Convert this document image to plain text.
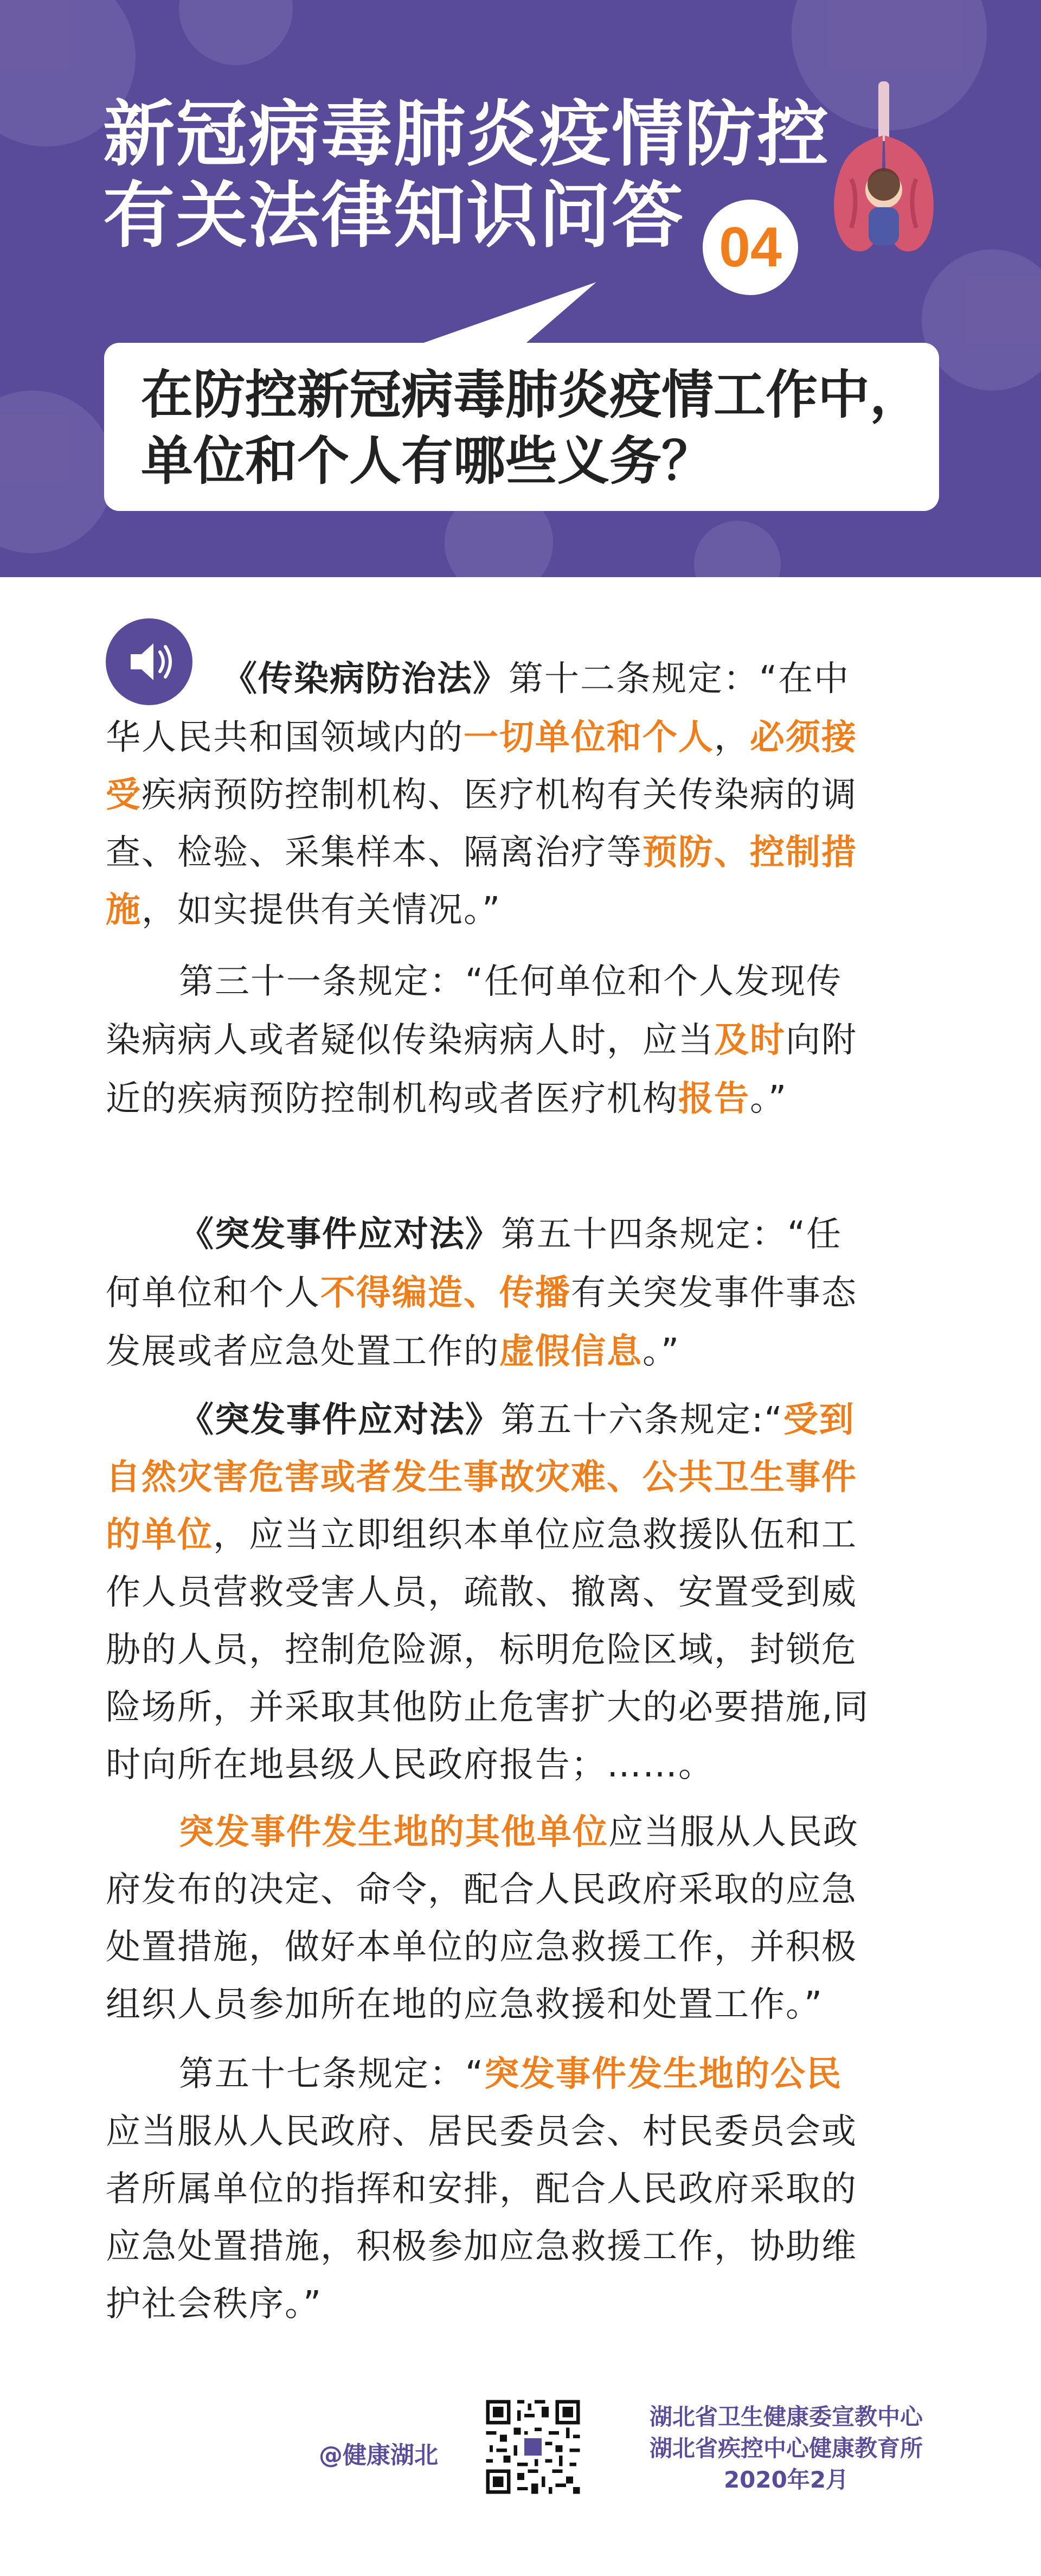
新冠病毒肺炎疫情防控
有关法律知识问答 04
在防控新冠病毒肺炎疫情工作中，
单位和个人有哪些义务？
《传染病防治法》第十二条规定：“在中
华人民共和国领域内的一切单位和个人，必须接
受疾病预防控制机构、医疗机构有关传染病的调
查、检验、采集样本、隔离治疗等预防、控制措
施，如实提供有关情况。”
第三十一条规定：“任何单位和个人发现传
染病病人或者疑似传染病病人时，应当及时向附
近的疾病预防控制机构或者医疗机构报告。”
《突发事件应对法》第五十四条规定：“任
何单位和个人不得编造、传播有关突发事件事态
发展或者应急处置工作的虚假信息。”
《突发事件应对法》第五十六条规定:“受到
自然灾害危害或者发生事故灾难、公共卫生事件
的单位，应当立即组织本单位应急救援队伍和工
作人员营救受害人员，疏散、撤离、安置受到威
胁的人员，控制危险源，标明危险区域，封锁危
险场所，并采取其他防止危害扩大的必要措施,同
时向所在地县级人民政府报告；……。
突发事件发生地的其他单位应当服从人民政
府发布的决定、命令，配合人民政府采取的应急
处置措施，做好本单位的应急救援工作，并积极
组织人员参加所在地的应急救援和处置工作。”
第五十七条规定：“突发事件发生地的公民
应当服从人民政府、居民委员会、村民委员会或
者所属单位的指挥和安排，配合人民政府采取的
应急处置措施，积极参加应急救援工作，协助维
护社会秩序。”
@健康湖北
湖北省卫生健康委宣教中心
湖北省疾控中心健康教育所
2020年2月
